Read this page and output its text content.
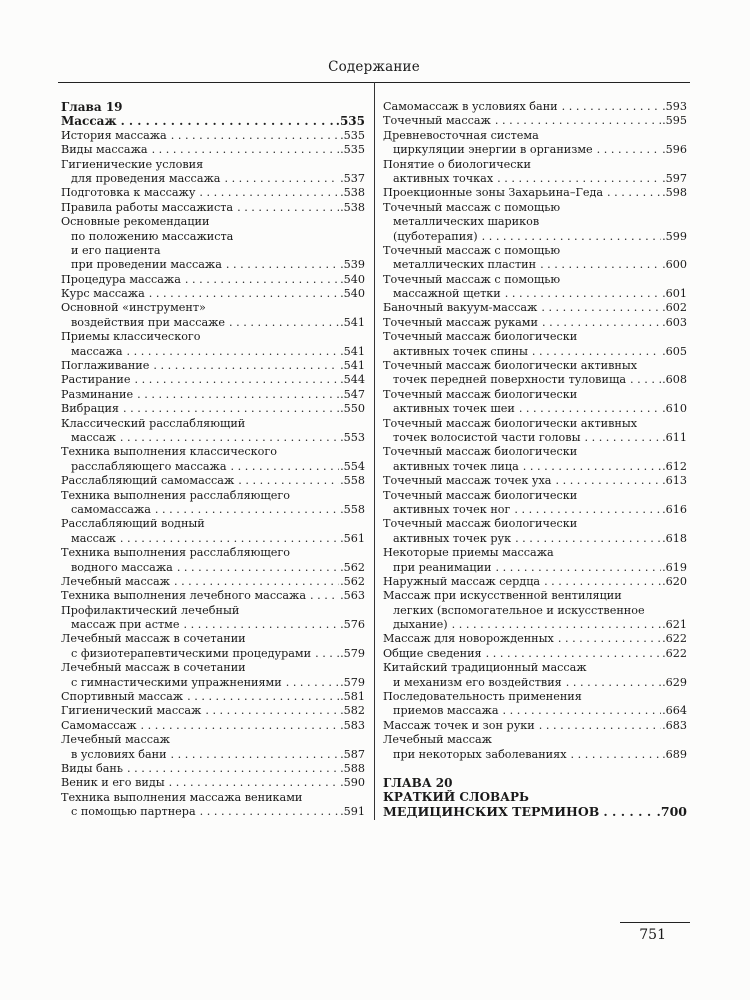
Содержание
Глава 19
Массаж . . .	.535
История массажа . . .	.535
Виды массажа . . .	.535
Гигиенические условия
для проведения массажа . . .	.537
Подготовка к массажу . . .	.538
Правила работы массажиста . . .	.538
Основные рекомендации
по положению массажиста
и его пациента
при проведении массажа . . .	.539
Процедура массажа . . .	.540
Курс массажа . . .	.540
Основной «инструмент»
воздействия при массаже . . .	.541
Приемы классического
массажа . . .	.541
Поглаживание . . .	.541
Растирание . . .	.544
Разминание . . .	.547
Вибрация . . .	.550
Классический расслабляющий
массаж . . .	.553
Техника выполнения классического
расслабляющего массажа . . .	.554
Расслабляющий самомассаж . . .	.558
Техника выполнения расслабляющего
самомассажа . . .	.558
Расслабляющий водный
массаж . . .	.561
Техника выполнения расслабляющего
водного массажа . . .	.562
Лечебный массаж . . .	.562
Техника выполнения лечебного массажа . . .	.563
Профилактический лечебный
массаж при астме . . .	.576
Лечебный массаж в сочетании
с физиотерапевтическими процедурами . . .	.579
Лечебный массаж в сочетании
с гимнастическими упражнениями . . .	.579
Спортивный массаж . . .	.581
Гигиенический массаж . . .	.582
Самомассаж . . .	.583
Лечебный массаж
в условиях бани . . .	.587
Виды бань . . .	.588
Веник и его виды . . .	.590
Техника выполнения массажа вениками
с помощью партнера . . .	.591
Самомассаж в условиях бани . . .	.593
Точечный массаж . . .	.595
Древневосточная система
циркуляции энергии в организме . . .	.596
Понятие о биологически
активных точках . . .	.597
Проекционные зоны Захарьина–Геда . . .	.598
Точечный массаж с помощью
металлических шариков
(цуботерапия) . . .	.599
Точечный массаж с помощью
металлических пластин . . .	.600
Точечный массаж с помощью
массажной щетки . . .	.601
Баночный вакуум-массаж . . .	.602
Точечный массаж руками . . .	.603
Точечный массаж биологически
активных точек спины . . .	.605
Точечный массаж биологически активных
точек передней поверхности туловища . . .	.608
Точечный массаж биологически
активных точек шеи . . .	.610
Точечный массаж биологически активных
точек волосистой части головы . . .	.611
Точечный массаж биологически
активных точек лица . . .	.612
Точечный массаж точек уха . . .	.613
Точечный массаж биологически
активных точек ног . . .	.616
Точечный массаж биологически
активных точек рук . . .	.618
Некоторые приемы массажа
при реанимации . . .	.619
Наружный массаж сердца . . .	.620
Массаж при искусственной вентиляции
легких (вспомогательное и искусственное
дыхание) . . .	.621
Массаж для новорожденных . . .	.622
Общие сведения . . .	.622
Китайский традиционный массаж
и механизм его воздействия . . .	.629
Последовательность применения
приемов массажа . . .	.664
Массаж точек и зон руки . . .	.683
Лечебный массаж
при некоторых заболеваниях . . .	.689
ГЛАВА 20
КРАТКИЙ СЛОВАРЬ
МЕДИЦИНСКИХ ТЕРМИНОВ . . .	.700
751
